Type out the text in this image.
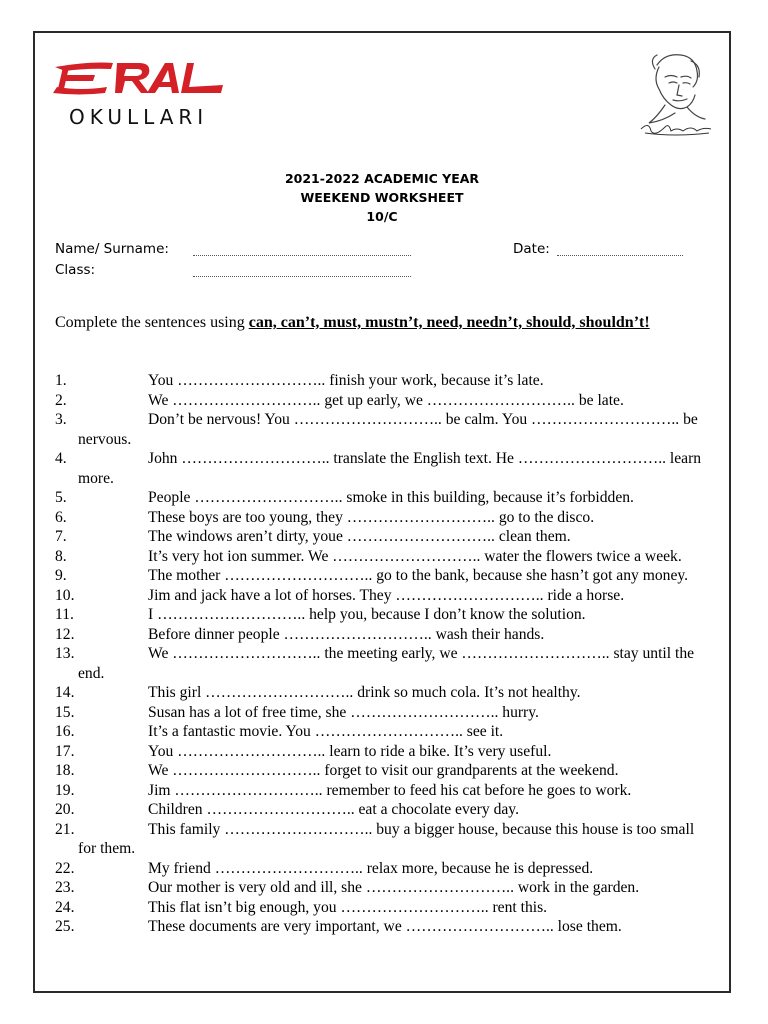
OKULLARI
2021-2022 ACADEMIC YEAR
WEEKEND WORKSHEET
10/C
Name/ Surname:
Class:
Date:
Complete the sentences using can, can’t, must, mustn’t, need, needn’t, should, shouldn’t!
1.	You ……………………….. finish your work, because it’s late.
2.	We ……………………….. get up early, we ……………………….. be late.
3.	Don’t be nervous! You ……………………….. be calm. You ……………………….. be nervous.
4.	John ……………………….. translate the English text. He ……………………….. learn more.
5.	People ……………………….. smoke in this building, because it’s forbidden.
6.	These boys are too young, they ……………………….. go to the disco.
7.	The windows aren’t dirty, youe ……………………….. clean them.
8.	It’s very hot ion summer. We ……………………….. water the flowers twice a week.
9.	The mother ……………………….. go to the bank, because she hasn’t got any money.
10.	Jim and jack have a lot of horses. They ……………………….. ride a horse.
11.	I ……………………….. help you, because I don’t know the solution.
12.	Before dinner people ……………………….. wash their hands.
13.	We ……………………….. the meeting early, we ……………………….. stay until the end.
14.	This girl ……………………….. drink so much cola. It’s not healthy.
15.	Susan has a lot of free time, she ……………………….. hurry.
16.	It’s a fantastic movie. You ……………………….. see it.
17.	You ……………………….. learn to ride a bike. It’s very useful.
18.	We ……………………….. forget to visit our grandparents at the weekend.
19.	Jim ……………………….. remember to feed his cat before he goes to work.
20.	Children ……………………….. eat a chocolate every day.
21.	This family ……………………….. buy a bigger house, because this house is too small for them.
22.	My friend ……………………….. relax more, because he is depressed.
23.	Our mother is very old and ill, she ……………………….. work in the garden.
24.	This flat isn’t big enough, you ……………………….. rent this.
25.	These documents are very important, we ……………………….. lose them.
